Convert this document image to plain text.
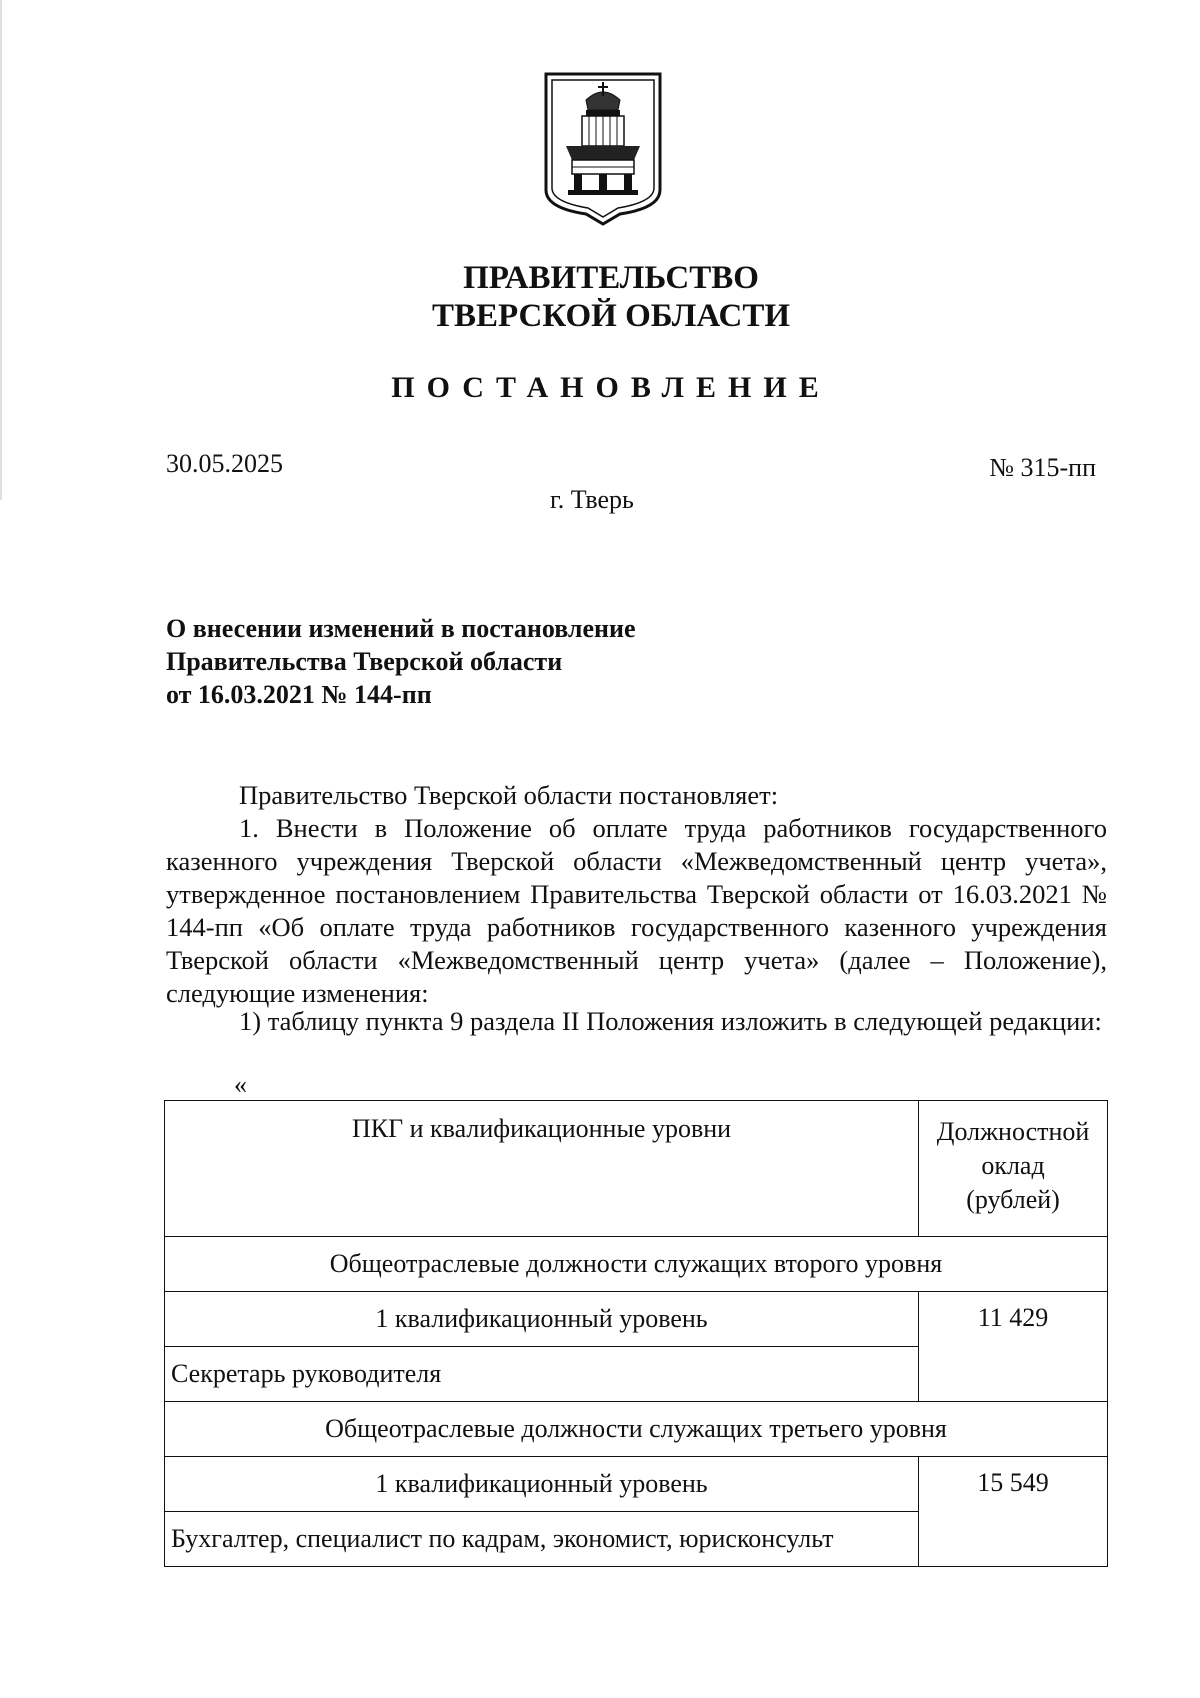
ПРАВИТЕЛЬСТВО
ТВЕРСКОЙ ОБЛАСТИ
ПОСТАНОВЛЕНИЕ
30.05.2025	№ 315-пп
г. Тверь
О внесении изменений в постановление
Правительства Тверской области
от 16.03.2021 № 144-пп
Правительство Тверской области постановляет:
1. Внести в Положение об оплате труда работников государственного казенного учреждения Тверской области «Межведомственный центр учета», утвержденное постановлением Правительства Тверской области от 16.03.2021 № 144-пп «Об оплате труда работников государственного казенного учреждения Тверской области «Межведомственный центр учета» (далее – Положение), следующие изменения:
1) таблицу пункта 9 раздела II Положения изложить в следующей редакции:
«
ПКГ и квалификационные уровни	Должностной
оклад
(рублей)

Общеотраслевые должности служащих второго уровня	
1 квалификационный уровень	11 429
Секретарь руководителя	
Общеотраслевые должности служащих третьего уровня	
1 квалификационный уровень	15 549
Бухгалтер, специалист по кадрам, экономист, юрисконсульт	
